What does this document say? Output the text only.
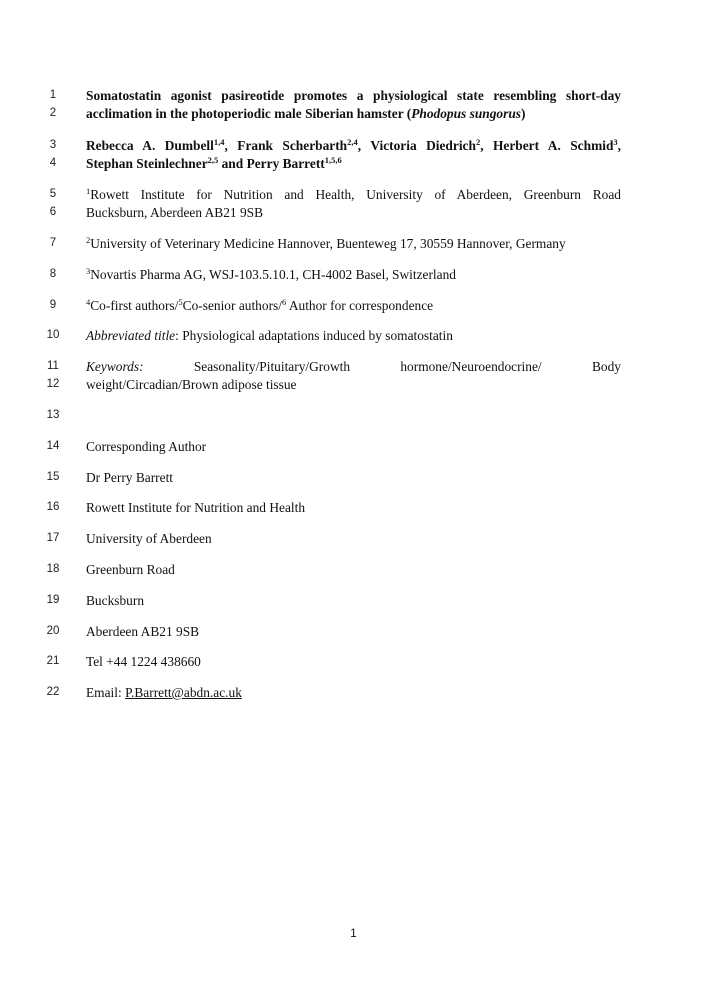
1
2
3
4
5
6
7
8
9
10
11
12
13
14
15
16
17
18
19
20
21
22
Somatostatin agonist pasireotide promotes a physiological state resembling short-day
acclimation in the photoperiodic male Siberian hamster (Phodopus sungorus)
Rebecca A. Dumbell$^{1,4}$, Frank Scherbarth$^{2,4}$, Victoria Diedrich$^2$, Herbert A. Schmid$^3$,
Stephan Steinlechner$^{2,5}$ and Perry Barrett$^{1,5,6}$
$^1$Rowett Institute for Nutrition and Health, University of Aberdeen, Greenburn Road
Bucksburn, Aberdeen AB21 9SB
$^2$University of Veterinary Medicine Hannover, Buenteweg 17, 30559 Hannover, Germany
$^3$Novartis Pharma AG, WSJ-103.5.10.1, CH-4002 Basel, Switzerland
$^4$Co-first authors/$^5$Co-senior authors/$^6$ Author for correspondence
Abbreviated title: Physiological adaptations induced by somatostatin
Keywords:	Seasonality/Pituitary/Growth	hormone/Neuroendocrine/	Body
weight/Circadian/Brown adipose tissue
Corresponding Author
Dr Perry Barrett
Rowett Institute for Nutrition and Health
University of Aberdeen
Greenburn Road
Bucksburn
Aberdeen AB21 9SB
Tel +44 1224 438660
Email: P.Barrett@abdn.ac.uk
1
